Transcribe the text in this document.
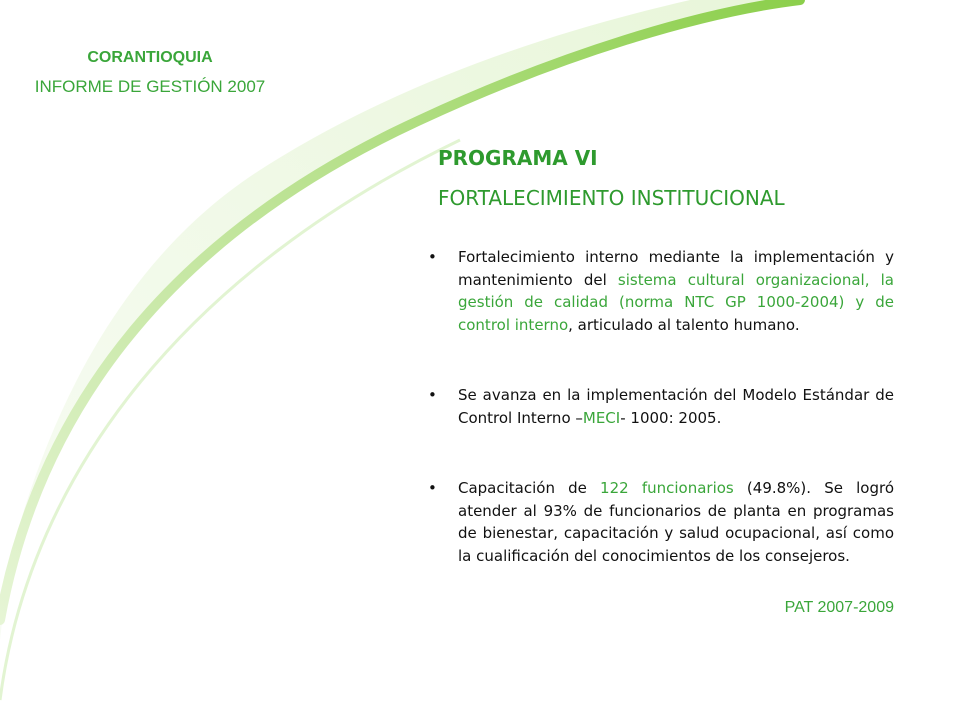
CORANTIOQUIA
INFORME DE GESTIÓN 2007
PROGRAMA VI
FORTALECIMIENTO INSTITUCIONAL
•	Fortalecimiento interno mediante la implementación y mantenimiento del sistema cultural organizacional, la gestión de calidad (norma NTC GP 1000-2004) y de control interno, articulado al talento humano.
•	Se avanza en la implementación del Modelo Estándar de Control Interno –MECI- 1000: 2005.
•	Capacitación de 122 funcionarios (49.8%). Se logró atender al 93% de funcionarios de planta en programas de bienestar, capacitación y salud ocupacional, así como la cualificación del conocimientos de los consejeros.
PAT 2007-2009
